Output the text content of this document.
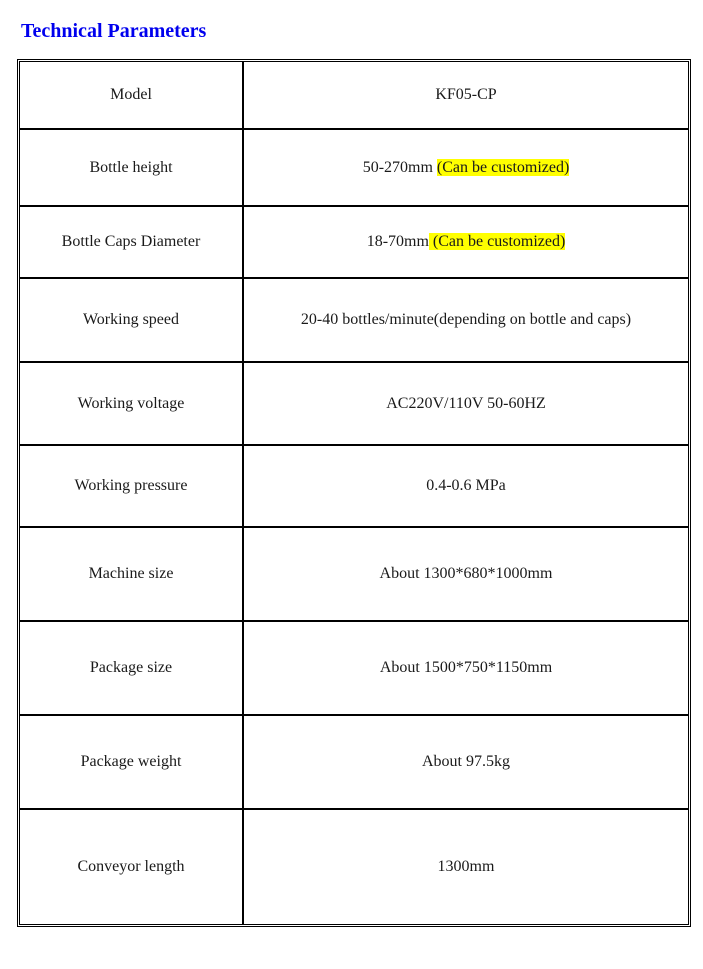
Technical Parameters
Model	KF05-CP
Bottle height	50-270mm (Can be customized)
Bottle Caps Diameter	18-70mm (Can be customized)
Working speed	20-40 bottles/minute(depending on bottle and caps)
Working voltage	AC220V/110V 50-60HZ
Working pressure	0.4-0.6 MPa
Machine size	About 1300*680*1000mm
Package size	About 1500*750*1150mm
Package weight	About 97.5kg
Conveyor length	1300mm
